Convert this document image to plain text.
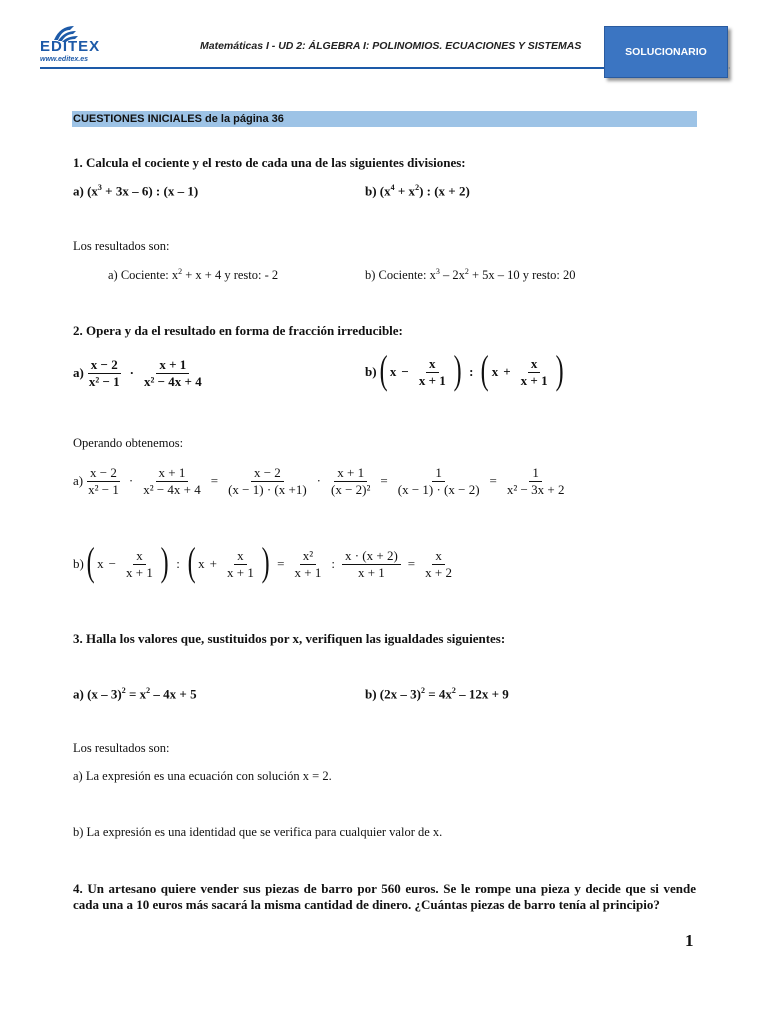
EDITEX
www.editex.es
Matemáticas I - UD 2: ÁLGEBRA I: POLINOMIOS. ECUACIONES Y SISTEMAS	SOLUCIONARIO
CUESTIONES INICIALES de la página 36
1. Calcula el cociente y el resto de cada una de las siguientes divisiones:
a) $(x^3 + 3x - 6)$ : (x – 1)	b) $(x^4 + x^2)$ : (x + 2)
Los resultados son:
a) Cociente: $x^2 + x + 4$ y resto: - 2	b) Cociente: $x^3 - 2x^2 + 5x - 10$ y resto: 20
2. Opera y da el resultado en forma de fracción irreducible:
$a) \frac{x - 2}{\text{x² − 1}} \cdot \frac{x + 1}{\text{x² − 4x + 4}}$	b) ( $x - \frac{x}{x + 1}$ ) : ( $x + \frac{x}{x + 1}$ )
Operando obtenemos:
$a) \frac{x - 2}{\text{x² − 1}} \cdot \frac{x + 1}{\text{x² − 4x + 4}} = \frac{x - 2}{(x - 1) \cdot (x +1)} \cdot \frac{x + 1}{\text{(x − 2)²}} = \frac{1}{(x - 1) \cdot (x - 2)} = \frac{1}{\text{x² − 3x + 2}}$
b) ( $x - \frac{x}{x + 1}$ ) : ( $x + \frac{x}{x + 1}$ ) = $\frac{\text{x²}}{x + 1}$ : $\frac{x \cdot (x + 2)}{x + 1} = \frac{x}{x + 2}$
3. Halla los valores que, sustituidos por x, verifiquen las igualdades siguientes:
a) $(x - 3)^2 = x^2 - 4x + 5$	b) $(2x - 3)^2 = 4x^2 - 12x + 9$
Los resultados son:
a) La expresión es una ecuación con solución x = 2.
b) La expresión es una identidad que se verifica para cualquier valor de x.
4. Un artesano quiere vender sus piezas de barro por 560 euros. Se le rompe una pieza y decide que si vende cada una a 10 euros más sacará la misma cantidad de dinero. ¿Cuántas piezas de barro tenía al principio?
1
